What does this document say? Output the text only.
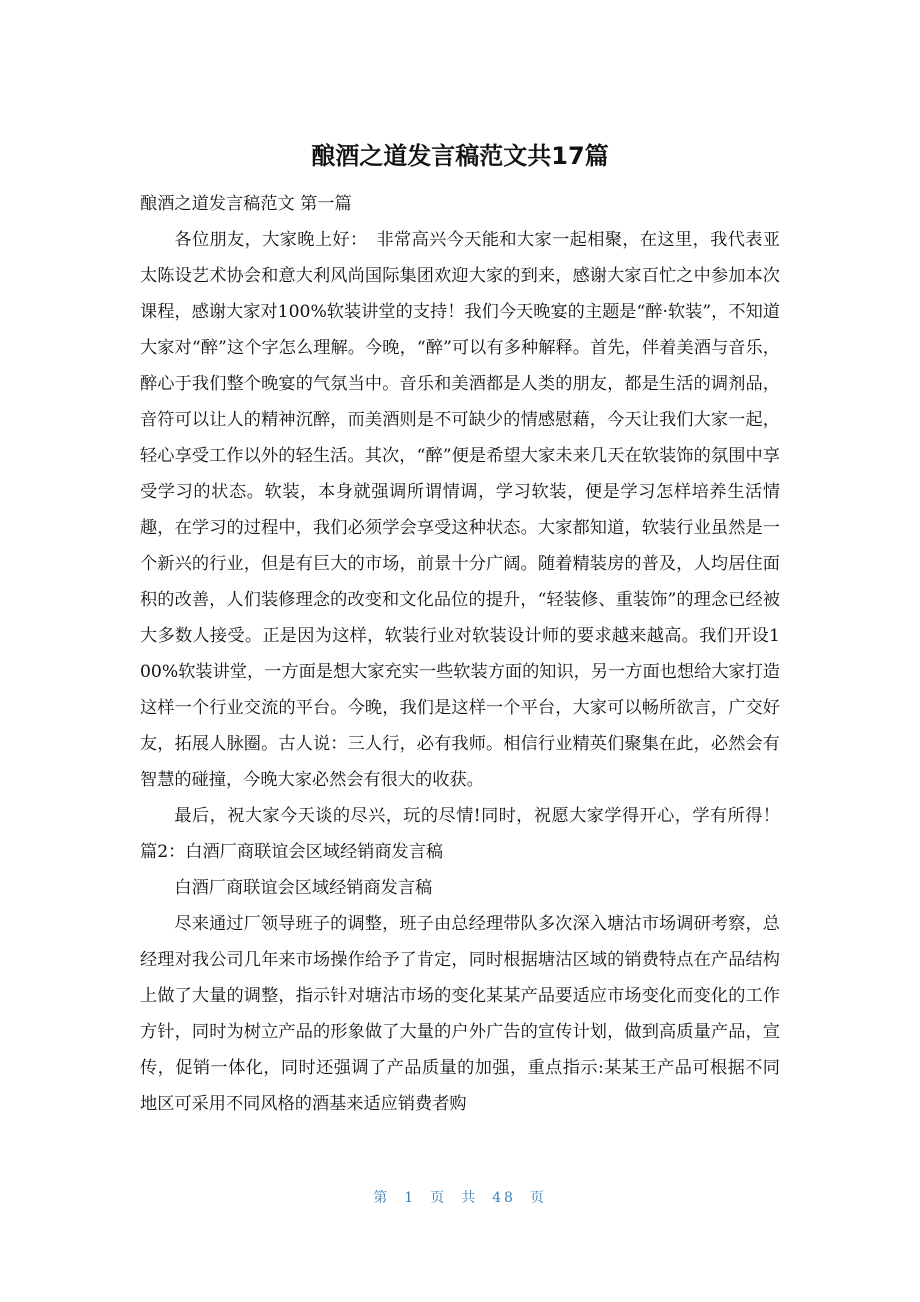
酿酒之道发言稿范文共17篇

酿酒之道发言稿范文 第一篇

各位朋友，大家晚上好：　非常高兴今天能和大家一起相聚，在这里，我代表亚太陈设艺术协会和意大利风尚国际集团欢迎大家的到来，感谢大家百忙之中参加本次课程，感谢大家对100%软装讲堂的支持！我们今天晚宴的主题是“醉·软装”，不知道大家对“醉”这个字怎么理解。今晚，“醉”可以有多种解释。首先，伴着美酒与音乐，醉心于我们整个晚宴的气氛当中。音乐和美酒都是人类的朋友，都是生活的调剂品，音符可以让人的精神沉醉，而美酒则是不可缺少的情感慰藉，今天让我们大家一起，轻心享受工作以外的轻生活。其次，“醉”便是希望大家未来几天在软装饰的氛围中享受学习的状态。软装，本身就强调所谓情调，学习软装，便是学习怎样培养生活情趣，在学习的过程中，我们必须学会享受这种状态。大家都知道，软装行业虽然是一个新兴的行业，但是有巨大的市场，前景十分广阔。随着精装房的普及，人均居住面积的改善，人们装修理念的改变和文化品位的提升，“轻装修、重装饰”的理念已经被大多数人接受。正是因为这样，软装行业对软装设计师的要求越来越高。我们开设100%软装讲堂，一方面是想大家充实一些软装方面的知识，另一方面也想给大家打造这样一个行业交流的平台。今晚，我们是这样一个平台，大家可以畅所欲言，广交好友，拓展人脉圈。古人说：三人行，必有我师。相信行业精英们聚集在此，必然会有智慧的碰撞，今晚大家必然会有很大的收获。

最后，祝大家今天谈的尽兴，玩的尽情!同时，祝愿大家学得开心，学有所得！篇2：白酒厂商联谊会区域经销商发言稿

白酒厂商联谊会区域经销商发言稿

尽来通过厂领导班子的调整，班子由总经理带队多次深入塘沽市场调研考察，总经理对我公司几年来市场操作给予了肯定，同时根据塘沽区域的销费特点在产品结构上做了大量的调整，指示针对塘沽市场的变化某某产品要适应市场变化而变化的工作方针，同时为树立产品的形象做了大量的户外广告的宣传计划，做到高质量产品，宣传，促销一体化，同时还强调了产品质量的加强，重点指示:某某王产品可根据不同地区可采用不同风格的酒基来适应销费者购

第 1 页 共 48 页
